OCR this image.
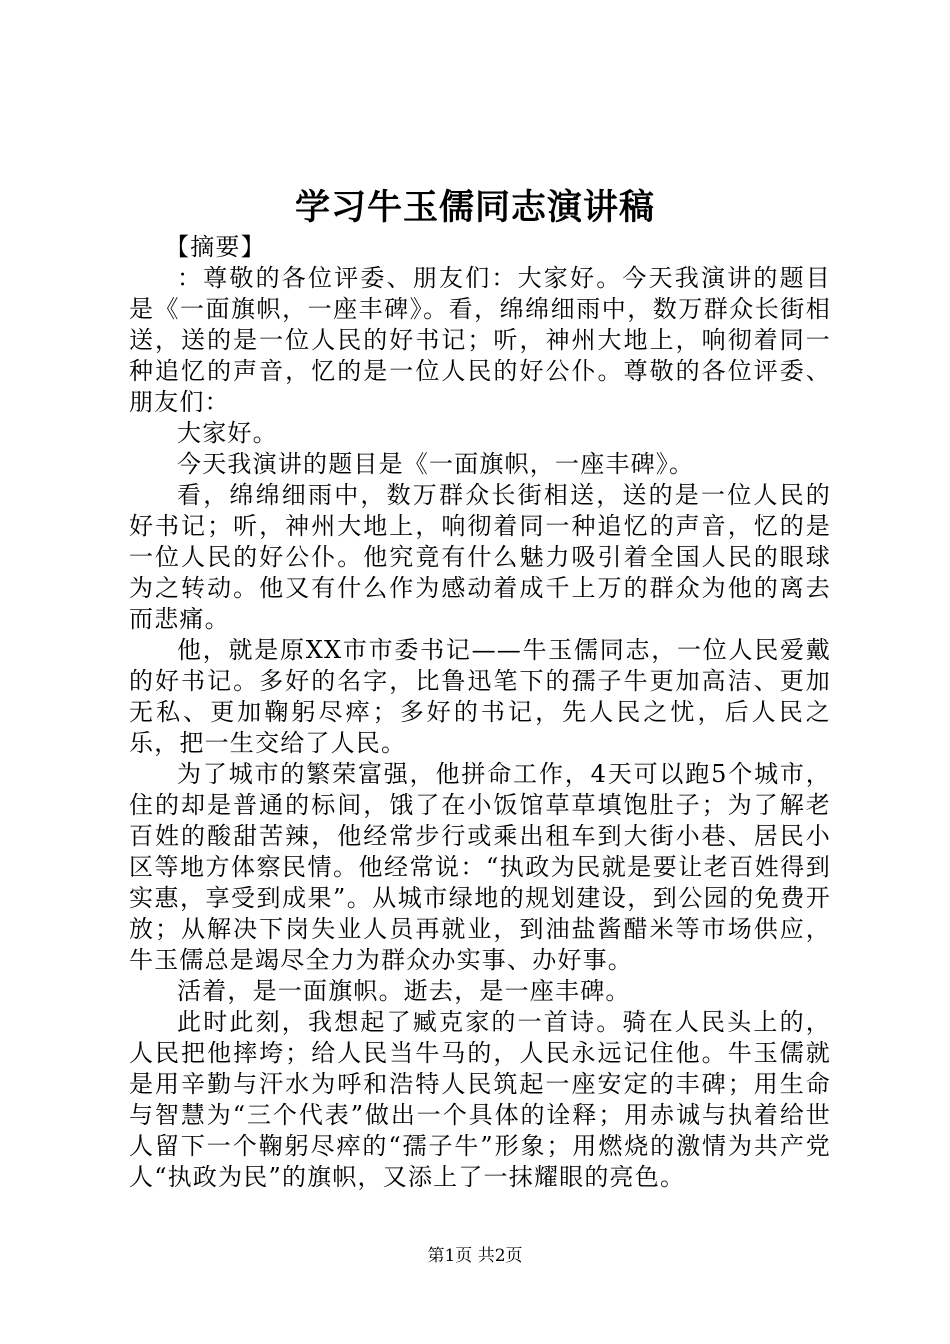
学习牛玉儒同志演讲稿

【摘要】

：尊敬的各位评委、朋友们：大家好。今天我演讲的题目是《一面旗帜，一座丰碑》。看，绵绵细雨中，数万群众长街相送，送的是一位人民的好书记；听，神州大地上，响彻着同一种追忆的声音，忆的是一位人民的好公仆。尊敬的各位评委、朋友们：

大家好。

今天我演讲的题目是《一面旗帜，一座丰碑》。

看，绵绵细雨中，数万群众长街相送，送的是一位人民的好书记；听，神州大地上，响彻着同一种追忆的声音，忆的是一位人民的好公仆。他究竟有什么魅力吸引着全国人民的眼球为之转动。他又有什么作为感动着成千上万的群众为他的离去而悲痛。

他，就是原XX市市委书记——牛玉儒同志，一位人民爱戴的好书记。多好的名字，比鲁迅笔下的孺子牛更加高洁、更加无私、更加鞠躬尽瘁；多好的书记，先人民之忧，后人民之乐，把一生交给了人民。

为了城市的繁荣富强，他拼命工作，4天可以跑5个城市，住的却是普通的标间，饿了在小饭馆草草填饱肚子；为了解老百姓的酸甜苦辣，他经常步行或乘出租车到大街小巷、居民小区等地方体察民情。他经常说：“执政为民就是要让老百姓得到实惠，享受到成果”。从城市绿地的规划建设，到公园的免费开放；从解决下岗失业人员再就业，到油盐酱醋米等市场供应，牛玉儒总是竭尽全力为群众办实事、办好事。

活着，是一面旗帜。逝去，是一座丰碑。

此时此刻，我想起了臧克家的一首诗。骑在人民头上的，人民把他摔垮；给人民当牛马的，人民永远记住他。牛玉儒就是用辛勤与汗水为呼和浩特人民筑起一座安定的丰碑；用生命与智慧为“三个代表”做出一个具体的诠释；用赤诚与执着给世人留下一个鞠躬尽瘁的“孺子牛”形象；用燃烧的激情为共产党人“执政为民”的旗帜，又添上了一抹耀眼的亮色。

第1页 共2页
